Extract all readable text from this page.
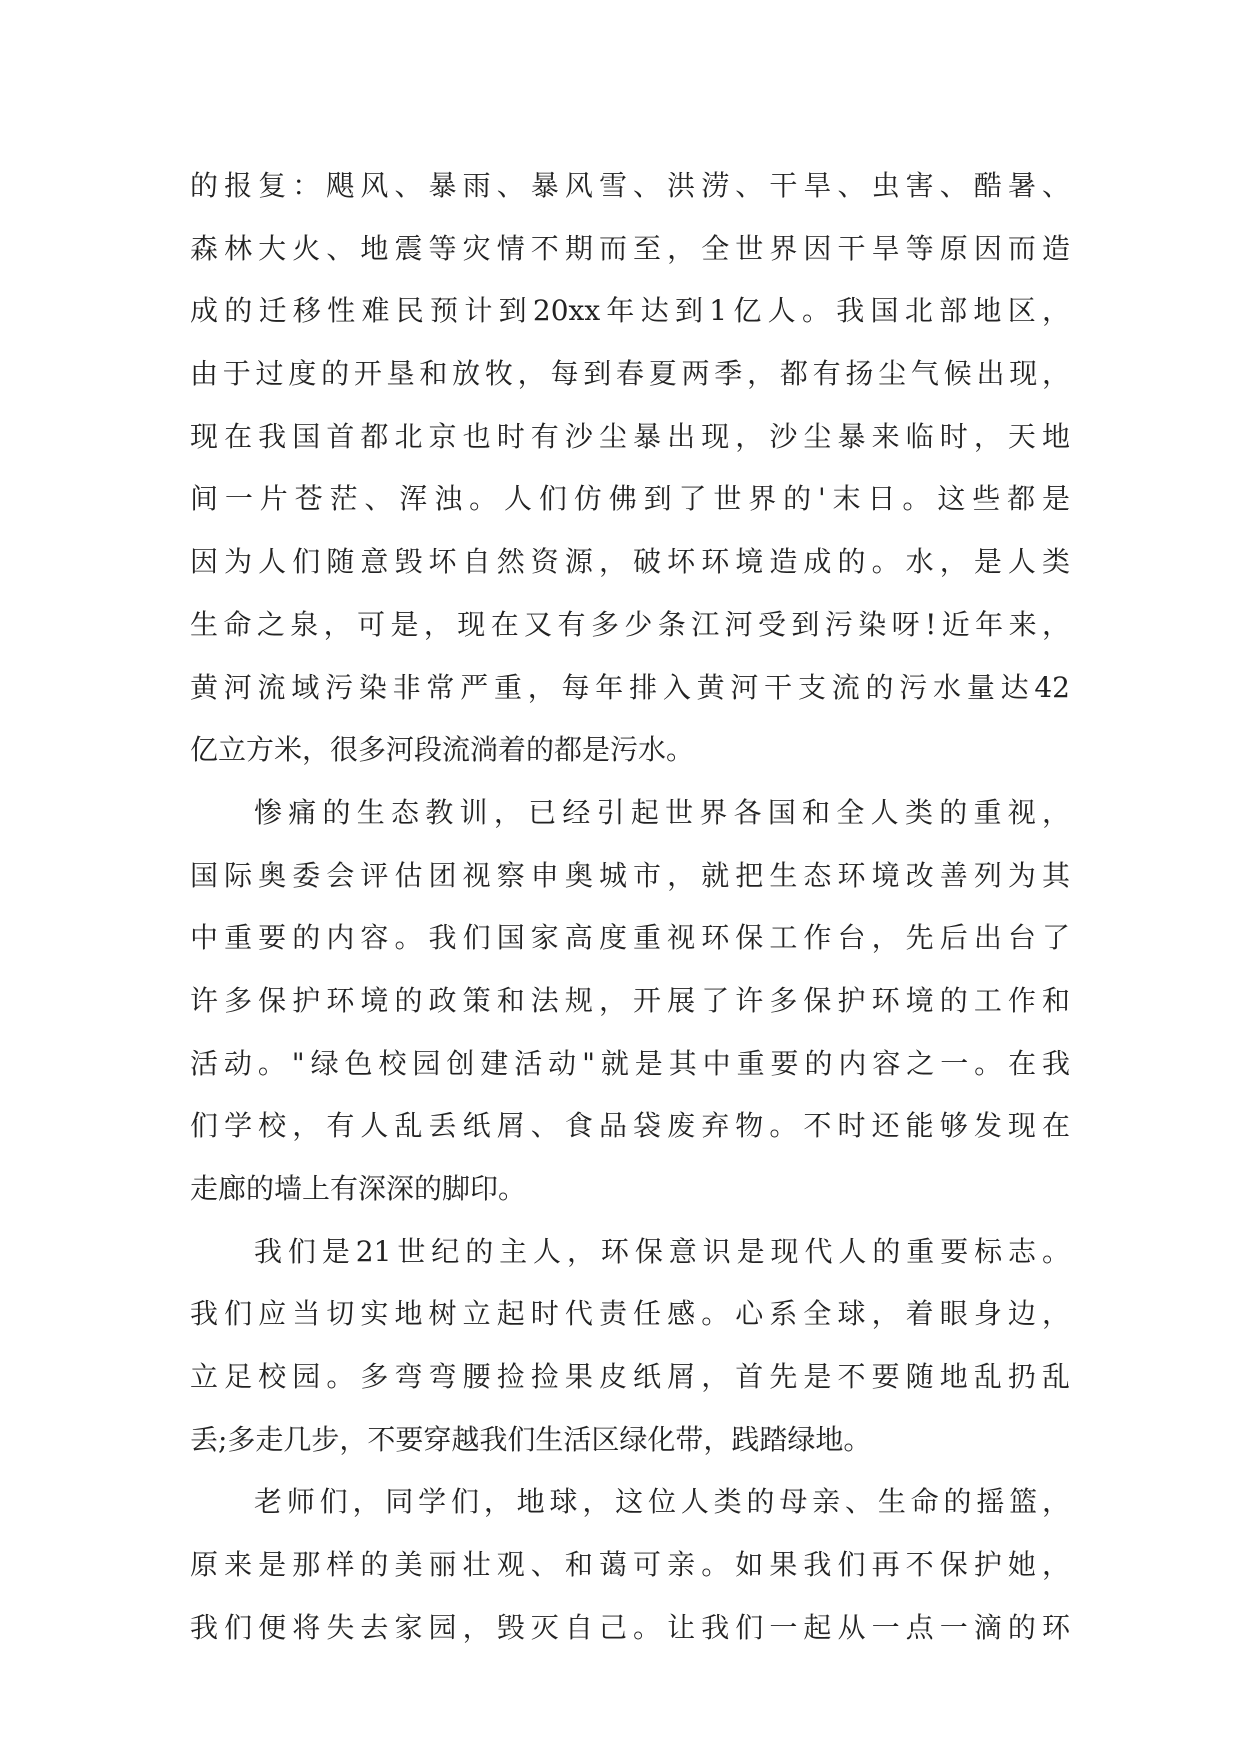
的报复：飓风、暴雨、暴风雪、洪涝、干旱、虫害、酷暑、
森林大火、地震等灾情不期而至，全世界因干旱等原因而造
成的迁移性难民预计到20xx年达到1亿人。我国北部地区，
由于过度的开垦和放牧，每到春夏两季，都有扬尘气候出现，
现在我国首都北京也时有沙尘暴出现，沙尘暴来临时，天地
间一片苍茫、浑浊。人们仿佛到了世界的'末日。这些都是
因为人们随意毁坏自然资源，破坏环境造成的。水，是人类
生命之泉，可是，现在又有多少条江河受到污染呀!近年来，
黄河流域污染非常严重，每年排入黄河干支流的污水量达42
亿立方米，很多河段流淌着的都是污水。
惨痛的生态教训，已经引起世界各国和全人类的重视，
国际奥委会评估团视察申奥城市，就把生态环境改善列为其
中重要的内容。我们国家高度重视环保工作台，先后出台了
许多保护环境的政策和法规，开展了许多保护环境的工作和
活动。"绿色校园创建活动"就是其中重要的内容之一。在我
们学校，有人乱丢纸屑、食品袋废弃物。不时还能够发现在
走廊的墙上有深深的脚印。
我们是21世纪的主人，环保意识是现代人的重要标志。
我们应当切实地树立起时代责任感。心系全球，着眼身边，
立足校园。多弯弯腰捡捡果皮纸屑，首先是不要随地乱扔乱
丢;多走几步，不要穿越我们生活区绿化带，践踏绿地。
老师们，同学们，地球，这位人类的母亲、生命的摇篮，
原来是那样的美丽壮观、和蔼可亲。如果我们再不保护她，
我们便将失去家园，毁灭自己。让我们一起从一点一滴的环
